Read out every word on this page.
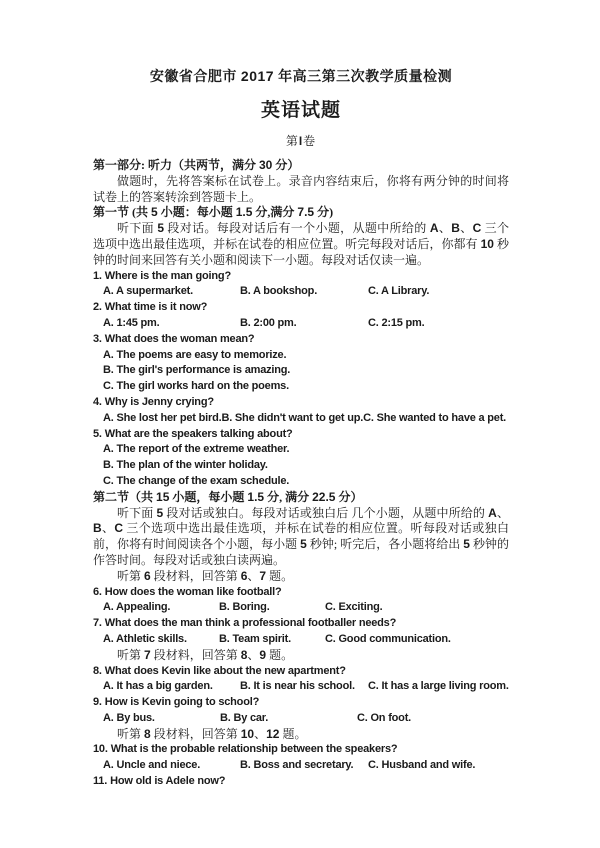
安徽省合肥市 2017 年高三第三次教学质量检测
英语试题
第I卷
第一部分: 听力（共两节，满分 30 分）
做题时，先将答案标在试卷上。录音内容结束后，你将有两分钟的时间将试卷上的答案转涂到答题卡上。
第一节 (共 5 小题：每小题 1.5 分,满分 7.5 分)
听下面 5 段对话。每段对话后有一个小题，从题中所给的 A、B、C 三个选项中选出最佳选项，并标在试卷的相应位置。听完每段对话后，你都有 10 秒钟的时间来回答有关小题和阅读下一小题。每段对话仅读一遍。
1. Where is the man going?
A. A supermarket.	B. A bookshop.	C. A Library.
2. What time is it now?
A. 1:45 pm.	B. 2:00 pm.	C. 2:15 pm.
3. What does the woman mean?
A. The poems are easy to memorize.
B. The girl's performance is amazing.
C. The girl works hard on the poems.
4. Why is Jenny crying?
A. She lost her pet bird. B. She didn't want to get up. C. She wanted to have a pet.
5. What are the speakers talking about?
A. The report of the extreme weather.
B. The plan of the winter holiday.
C. The change of the exam schedule.
第二节（共 15 小题，每小题 1.5 分, 满分 22.5 分）
听下面 5 段对话或独白。每段对话或独白后 几个小题，从题中所给的 A、B、C 三个选项中选出最佳选项，并标在试卷的相应位置。听每段对话或独白前，你将有时间阅读各个小题，每小题 5 秒钟; 听完后，各小题将给出 5 秒钟的作答时间。每段对话或独白读两遍。
听第 6 段材料，回答第 6、7 题。
6. How does the woman like football?
A. Appealing.	B. Boring.	C. Exciting.
7. What does the man think a professional footballer needs?
A. Athletic skills.	B. Team spirit.	C. Good communication.
听第 7 段材料，回答第 8、9 题。
8. What does Kevin like about the new apartment?
A. It has a big garden.	B. It is near his school.	C. It has a large living room.
9. How is Kevin going to school?
A. By bus.	B. By car.	C. On foot.
听第 8 段材料，回答第 10、12 题。
10. What is the probable relationship between the speakers?
A. Uncle and niece.	B. Boss and secretary.	C. Husband and wife.
11. How old is Adele now?
